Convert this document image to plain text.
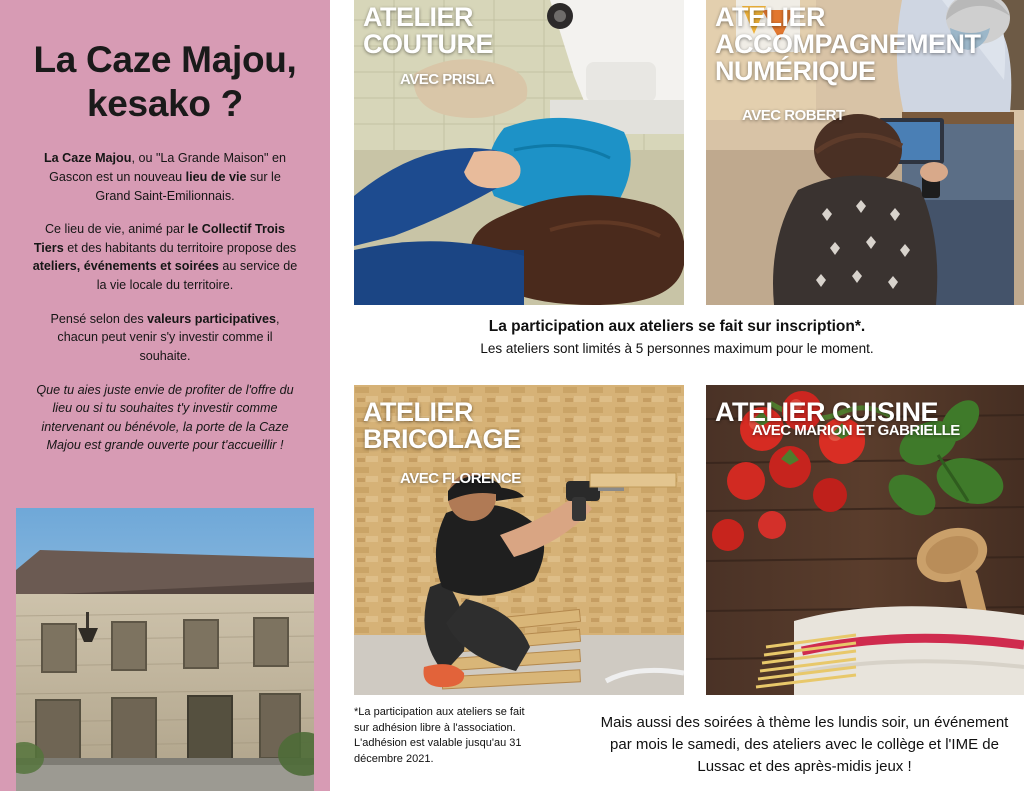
La Caze Majou, kesako ?
La Caze Majou, ou "La Grande Maison" en Gascon est un nouveau lieu de vie sur le Grand Saint-Emilionnais.
Ce lieu de vie, animé par le Collectif Trois Tiers et des habitants du territoire propose des ateliers, événements et soirées au service de la vie locale du territoire.
Pensé selon des valeurs participatives, chacun peut venir s'y investir comme il souhaite.
Que tu aies juste envie de profiter de l'offre du lieu ou si tu souhaites t'y investir comme intervenant ou bénévole, la porte de la Caze Majou est grande ouverte pour t'accueillir !
ATELIER
COUTURE
AVEC PRISLA
ATELIER
ACCOMPAGNEMENT
NUMÉRIQUE
AVEC ROBERT
La participation aux ateliers se fait sur inscription*.
Les ateliers sont limités à 5 personnes maximum pour le moment.
ATELIER
BRICOLAGE
AVEC FLORENCE
ATELIER CUISINE
AVEC MARION ET GABRIELLE
*La participation aux ateliers se fait sur adhésion libre à l'association. L'adhésion est valable jusqu'au 31 décembre 2021.
Mais aussi des soirées à thème les lundis soir, un événement par mois le samedi, des ateliers avec le collège et l'IME de Lussac et des après-midis jeux !
